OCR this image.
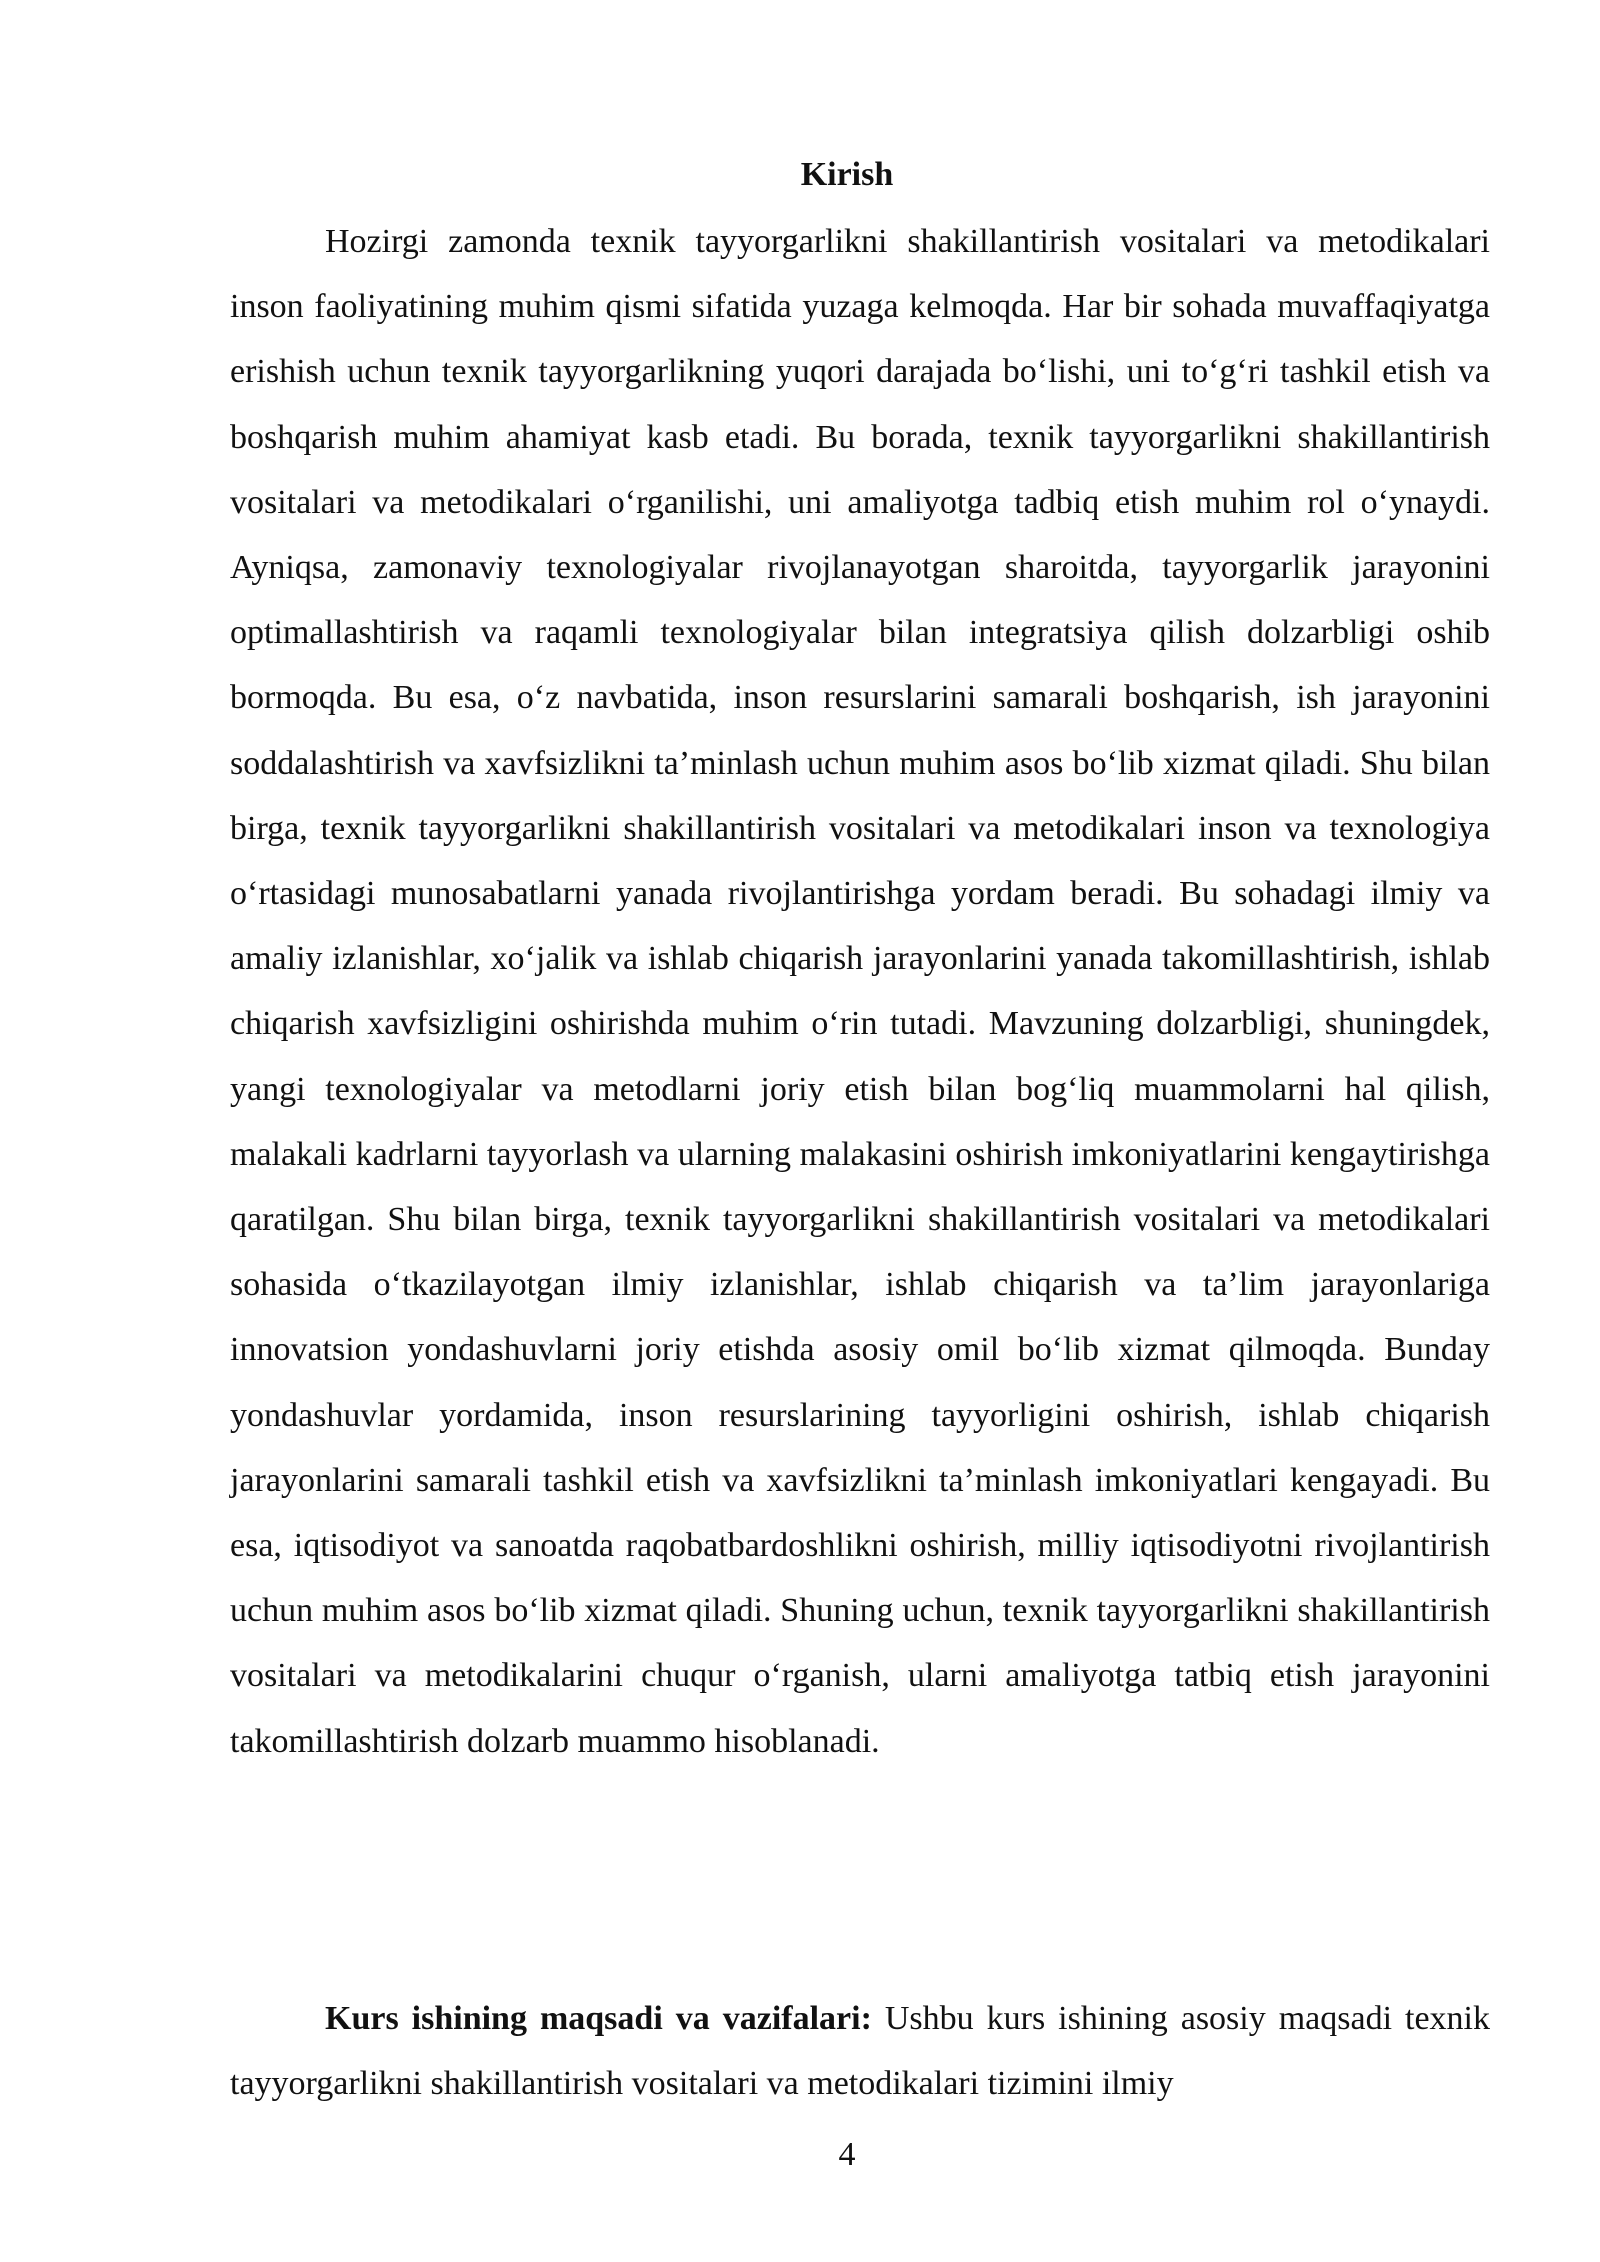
Kirish

Hozirgi zamonda texnik tayyorgarlikni shakillantirish vositalari va metodikalari inson faoliyatining muhim qismi sifatida yuzaga kelmoqda. Har bir sohada muvaffaqiyatga erishish uchun texnik tayyorgarlikning yuqori darajada bo‘lishi, uni to‘g‘ri tashkil etish va boshqarish muhim ahamiyat kasb etadi. Bu borada, texnik tayyorgarlikni shakillantirish vositalari va metodikalari o‘rganilishi, uni amaliyotga tadbiq etish muhim rol o‘ynaydi. Ayniqsa, zamonaviy texnologiyalar rivojlanayotgan sharoitda, tayyorgarlik jarayonini optimallashtirish va raqamli texnologiyalar bilan integratsiya qilish dolzarbligi oshib bormoqda. Bu esa, o‘z navbatida, inson resurslarini samarali boshqarish, ish jarayonini soddalashtirish va xavfsizlikni ta’minlash uchun muhim asos bo‘lib xizmat qiladi. Shu bilan birga, texnik tayyorgarlikni shakillantirish vositalari va metodikalari inson va texnologiya o‘rtasidagi munosabatlarni yanada rivojlantirishga yordam beradi. Bu sohadagi ilmiy va amaliy izlanishlar, xo‘jalik va ishlab chiqarish jarayonlarini yanada takomillashtirish, ishlab chiqarish xavfsizligini oshirishda muhim o‘rin tutadi. Mavzuning dolzarbligi, shuningdek, yangi texnologiyalar va metodlarni joriy etish bilan bog‘liq muammolarni hal qilish, malakali kadrlarni tayyorlash va ularning malakasini oshirish imkoniyatlarini kengaytirishga qaratilgan. Shu bilan birga, texnik tayyorgarlikni shakillantirish vositalari va metodikalari sohasida o‘tkazilayotgan ilmiy izlanishlar, ishlab chiqarish va ta’lim jarayonlariga innovatsion yondashuvlarni joriy etishda asosiy omil bo‘lib xizmat qilmoqda. Bunday yondashuvlar yordamida, inson resurslarining tayyorligini oshirish, ishlab chiqarish jarayonlarini samarali tashkil etish va xavfsizlikni ta’minlash imkoniyatlari kengayadi. Bu esa, iqtisodiyot va sanoatda raqobatbardoshlikni oshirish, milliy iqtisodiyotni rivojlantirish uchun muhim asos bo‘lib xizmat qiladi. Shuning uchun, texnik tayyorgarlikni shakillantirish vositalari va metodikalarini chuqur o‘rganish, ularni amaliyotga tatbiq etish jarayonini takomillashtirish dolzarb muammo hisoblanadi.

Kurs ishining maqsadi va vazifalari: Ushbu kurs ishining asosiy maqsadi texnik tayyorgarlikni shakillantirish vositalari va metodikalari tizimini ilmiy

4
